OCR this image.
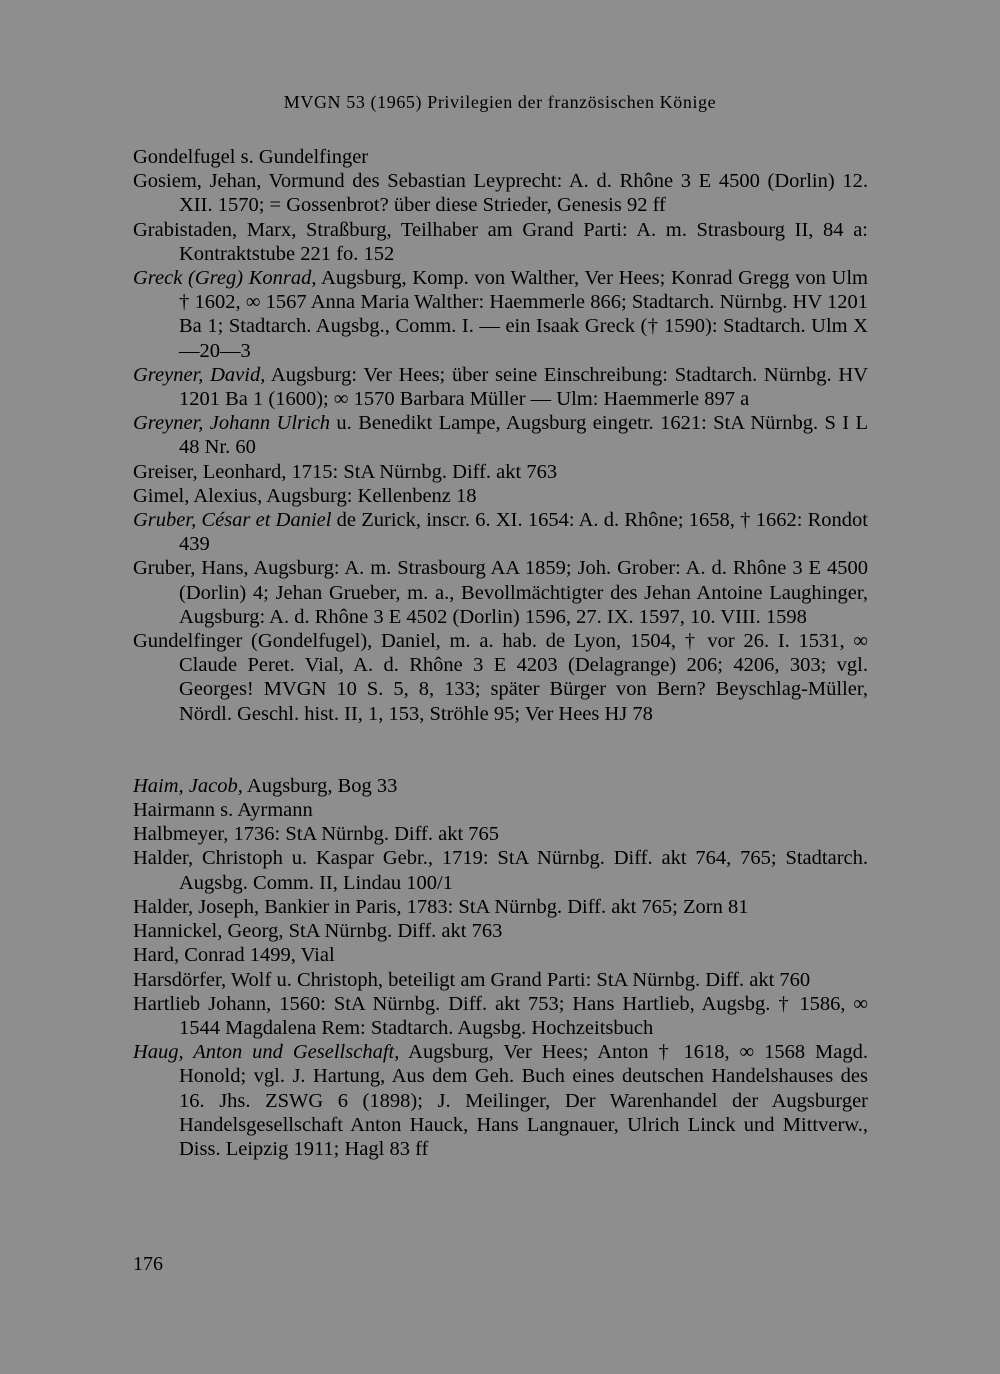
MVGN 53 (1965) Privilegien der französischen Könige

Gondelfugel s. Gundelfinger

Gosiem, Jehan, Vormund des Sebastian Leyprecht: A. d. Rhône 3 E 4500 (Dorlin) 12. XII. 1570; = Gossenbrot? über diese Strieder, Genesis 92 ff

Grabistaden, Marx, Straßburg, Teilhaber am Grand Parti: A. m. Strasbourg II, 84 a: Kontraktstube 221 fo. 152

Greck (Greg) Konrad, Augsburg, Komp. von Walther, Ver Hees; Konrad Gregg von Ulm † 1602, ∞ 1567 Anna Maria Walther: Haemmerle 866; Stadtarch. Nürnbg. HV 1201 Ba 1; Stadtarch. Augsbg., Comm. I. — ein Isaak Greck († 1590): Stadtarch. Ulm X—20—3

Greyner, David, Augsburg: Ver Hees; über seine Einschreibung: Stadtarch. Nürnbg. HV 1201 Ba 1 (1600); ∞ 1570 Barbara Müller — Ulm: Haemmerle 897 a

Greyner, Johann Ulrich u. Benedikt Lampe, Augsburg eingetr. 1621: StA Nürnbg. S I L 48 Nr. 60

Greiser, Leonhard, 1715: StA Nürnbg. Diff. akt 763

Gimel, Alexius, Augsburg: Kellenbenz 18

Gruber, César et Daniel de Zurick, inscr. 6. XI. 1654: A. d. Rhône; 1658, † 1662: Rondot 439

Gruber, Hans, Augsburg: A. m. Strasbourg AA 1859; Joh. Grober: A. d. Rhône 3 E 4500 (Dorlin) 4; Jehan Grueber, m. a., Bevollmächtigter des Jehan Antoine Laughinger, Augsburg: A. d. Rhône 3 E 4502 (Dorlin) 1596, 27. IX. 1597, 10. VIII. 1598

Gundelfinger (Gondelfugel), Daniel, m. a. hab. de Lyon, 1504, † vor 26. I. 1531, ∞ Claude Peret. Vial, A. d. Rhône 3 E 4203 (Delagrange) 206; 4206, 303; vgl. Georges! MVGN 10 S. 5, 8, 133; später Bürger von Bern? Beyschlag-Müller, Nördl. Geschl. hist. II, 1, 153, Ströhle 95; Ver Hees HJ 78

Haim, Jacob, Augsburg, Bog 33

Hairmann s. Ayrmann

Halbmeyer, 1736: StA Nürnbg. Diff. akt 765

Halder, Christoph u. Kaspar Gebr., 1719: StA Nürnbg. Diff. akt 764, 765; Stadtarch. Augsbg. Comm. II, Lindau 100/1

Halder, Joseph, Bankier in Paris, 1783: StA Nürnbg. Diff. akt 765; Zorn 81

Hannickel, Georg, StA Nürnbg. Diff. akt 763

Hard, Conrad 1499, Vial

Harsdörfer, Wolf u. Christoph, beteiligt am Grand Parti: StA Nürnbg. Diff. akt 760

Hartlieb Johann, 1560: StA Nürnbg. Diff. akt 753; Hans Hartlieb, Augsbg. † 1586, ∞ 1544 Magdalena Rem: Stadtarch. Augsbg. Hochzeitsbuch

Haug, Anton und Gesellschaft, Augsburg, Ver Hees; Anton † 1618, ∞ 1568 Magd. Honold; vgl. J. Hartung, Aus dem Geh. Buch eines deutschen Handelshauses des 16. Jhs. ZSWG 6 (1898); J. Meilinger, Der Warenhandel der Augsburger Handelsgesellschaft Anton Hauck, Hans Langnauer, Ulrich Linck und Mittverw., Diss. Leipzig 1911; Hagl 83 ff

176
